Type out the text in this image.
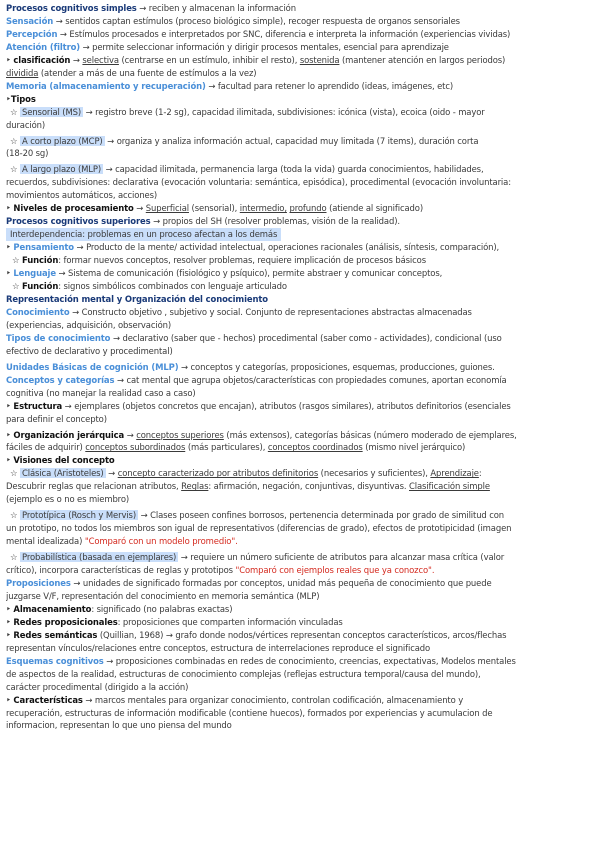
Procesos cognitivos simples → reciben y almacenan la información
Sensación → sentidos captan estímulos (proceso biológico simple), recoger respuesta de organos sensoriales
Percepción → Estímulos procesados e interpretados por SNC, diferencia e interpreta la información (experiencias vividas)
Atención (filtro) → permite seleccionar información y dirigir procesos mentales, esencial para aprendizaje
‣ clasificación → selectiva (centrarse en un estímulo, inhibir el resto), sostenida (mantener atención en largos periodos)
dividida (atender a más de una fuente de estímulos a la vez)
Memoria (almacenamiento y recuperación) → facultad para retener lo aprendido (ideas, imágenes, etc)
‣Tipos
☆ Sensorial (MS) → registro breve (1-2 sg), capacidad ilimitada, subdivisiones: icónica (vista), ecoica (oido - mayor
duración)
☆ A corto plazo (MCP) → organiza y analiza información actual, capacidad muy limitada (7 items), duración corta
(18-20 sg)
☆ A largo plazo (MLP) → capacidad ilimitada, permanencia larga (toda la vida) guarda conocimientos, habilidades,
recuerdos, subdivisiones: declarativa (evocación voluntaria: semántica, episódica), procedimental (evocación involuntaria:
movimientos automáticos, acciones)
‣ Niveles de procesamiento → Superficial (sensorial), intermedio, profundo (atiende al significado)
Procesos cognitivos superiores → propios del SH (resolver problemas, visión de la realidad).
Interdependencia: problemas en un proceso afectan a los demás
‣ Pensamiento → Producto de la mente/ actividad intelectual, operaciones racionales (análisis, síntesis, comparación),
☆ Función: formar nuevos conceptos, resolver problemas, requiere implicación de procesos básicos
‣ Lenguaje → Sistema de comunicación (fisiológico y psíquico), permite abstraer y comunicar conceptos,
☆ Función: signos simbólicos combinados con lenguaje articulado
Representación mental y Organización del conocimiento
Conocimiento → Constructo objetivo , subjetivo y social. Conjunto de representaciones abstractas almacenadas
(experiencias, adquisición, observación)
Tipos de conocimiento → declarativo (saber que - hechos) procedimental (saber como - actividades), condicional (uso
efectivo de declarativo y procedimental)
Unidades Básicas de cognición (MLP) → conceptos y categorías, proposiciones, esquemas, producciones, guiones.
Conceptos y categorías → cat mental que agrupa objetos/características con propiedades comunes, aportan economía
cognitiva (no manejar la realidad caso a caso)
‣ Estructura → ejemplares (objetos concretos que encajan), atributos (rasgos similares), atributos definitorios (esenciales
para definir el concepto)
‣ Organización jerárquica → conceptos superiores (más extensos), categorías básicas (número moderado de ejemplares,
fáciles de adquirir) conceptos subordinados (más particulares), conceptos coordinados (mismo nivel jerárquico)
‣ Visiones del concepto
☆ Clásica (Aristoteles) → concepto caracterizado por atributos definitorios (necesarios y suficientes), Aprendizaje:
Descubrir reglas que relacionan atributos, Reglas: afirmación, negación, conjuntivas, disyuntivas. Clasificación simple
(ejemplo es o no es miembro)
☆ Prototípica (Rosch y Mervis) → Clases poseen confines borrosos, pertenencia determinada por grado de similitud con
un prototipo, no todos los miembros son igual de representativos (diferencias de grado), efectos de prototipicidad (imagen
mental idealizada) "Comparó con un modelo promedio".
☆ Probabilística (basada en ejemplares) → requiere un número suficiente de atributos para alcanzar masa crítica (valor
crítico), incorpora características de reglas y prototipos "Comparó con ejemplos reales que ya conozco".
Proposiciones → unidades de significado formadas por conceptos, unidad más pequeña de conocimiento que puede
juzgarse V/F, representación del conocimiento en memoria semántica (MLP)
‣ Almacenamiento: significado (no palabras exactas)
‣ Redes proposicionales: proposiciones que comparten información vinculadas
‣ Redes semánticas (Quillian, 1968) → grafo donde nodos/vértices representan conceptos característicos, arcos/flechas
representan vínculos/relaciones entre conceptos, estructura de interrelaciones reproduce el significado
Esquemas cognitivos → proposiciones combinadas en redes de conocimiento, creencias, expectativas, Modelos mentales
de aspectos de la realidad, estructuras de conocimiento complejas (reflejas estructura temporal/causa del mundo),
carácter procedimental (dirigido a la acción)
‣ Características → marcos mentales para organizar conocimiento, controlan codificación, almacenamiento y
recuperación, estructuras de información modificable (contiene huecos), formados por experiencias y acumulacion de
informacion, representan lo que uno piensa del mundo
